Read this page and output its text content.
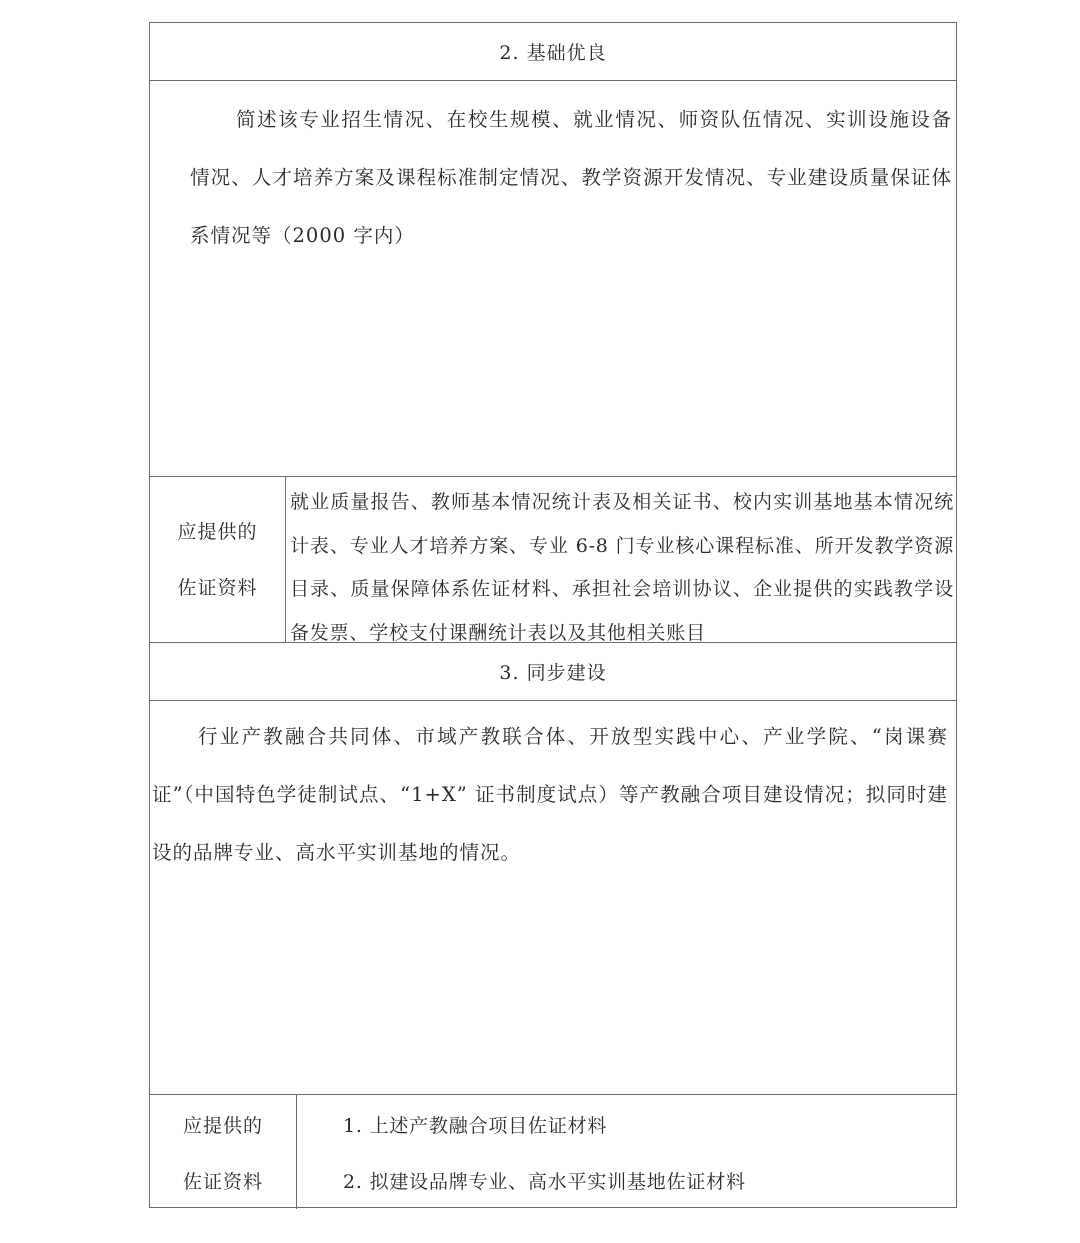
2. 基础优良

简述该专业招生情况、在校生规模、就业情况、师资队伍情况、实训设施设备情况、人才培养方案及课程标准制定情况、教学资源开发情况、专业建设质量保证体系情况等（2000 字内）

应提供的
佐证资料

就业质量报告、教师基本情况统计表及相关证书、校内实训基地基本情况统计表、专业人才培养方案、专业 6-8 门专业核心课程标准、所开发教学资源目录、质量保障体系佐证材料、承担社会培训协议、企业提供的实践教学设备发票、学校支付课酬统计表以及其他相关账目

3. 同步建设

行业产教融合共同体、市域产教联合体、开放型实践中心、产业学院、“岗课赛证”（中国特色学徒制试点、“1+X” 证书制度试点）等产教融合项目建设情况；拟同时建设的品牌专业、高水平实训基地的情况。

应提供的
佐证资料
1. 上述产教融合项目佐证材料
2. 拟建设品牌专业、高水平实训基地佐证材料
